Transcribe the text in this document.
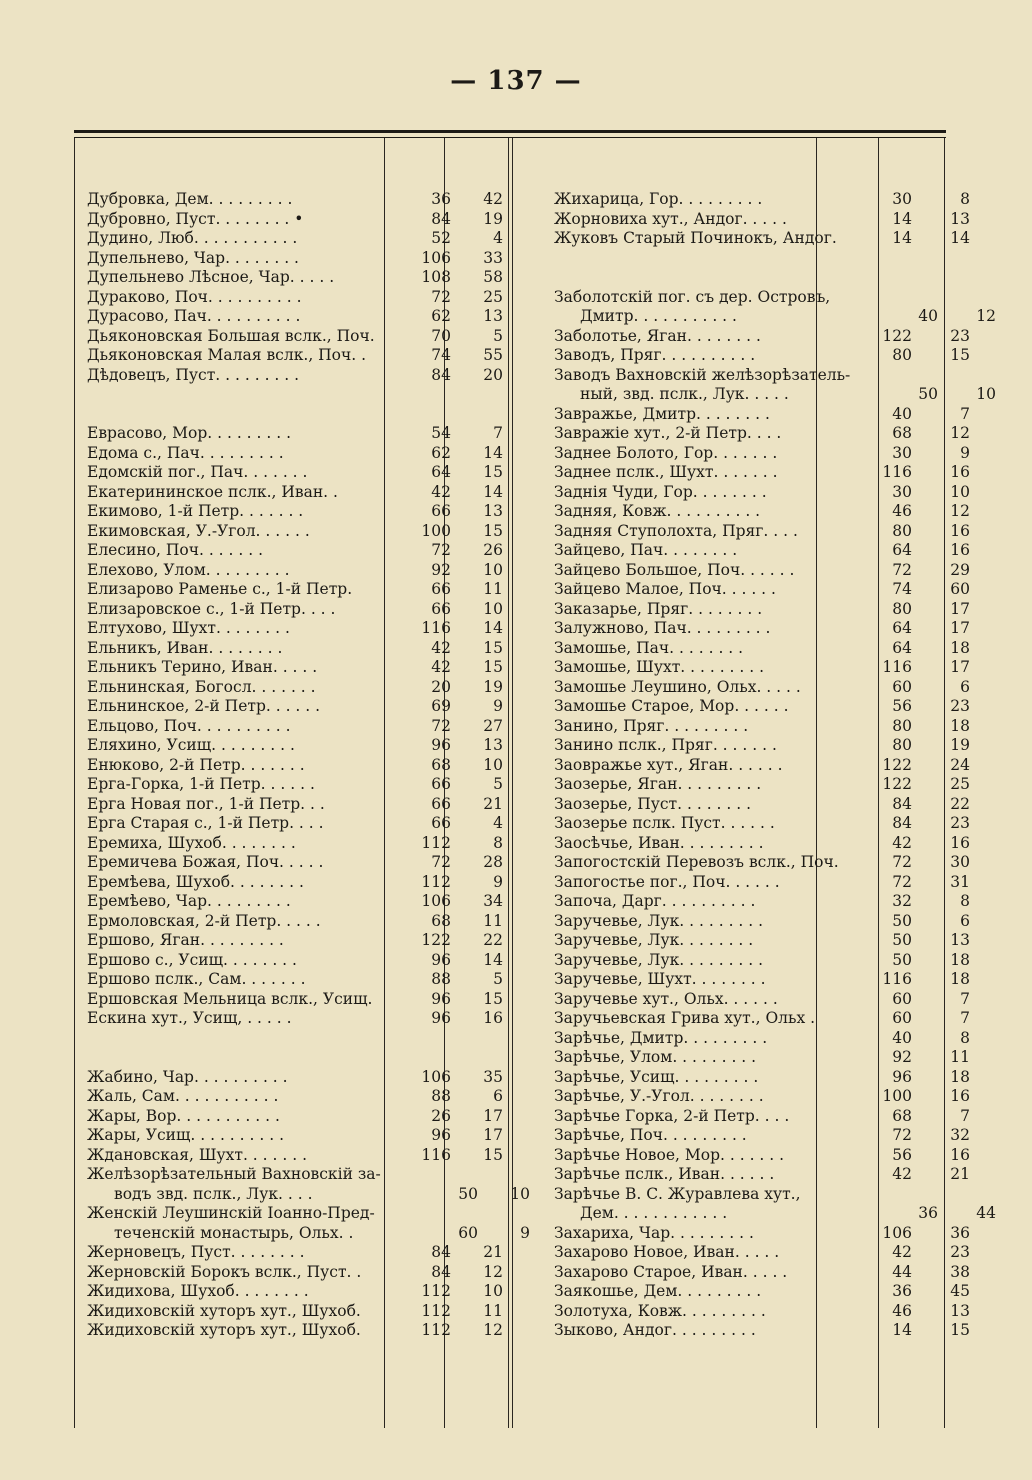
— 137 —
Дубровка, Дем. . . . . . . . .	36	42
Дубровно, Пуст. . . . . . . . •	84	19
Дудино, Люб. . . . . . . . . . .	52	4
Дупельнево, Чар. . . . . . . .	106	33
Дупельнево Лѣсное, Чар. . . . .	108	58
Дураково, Поч. . . . . . . . . .	72	25
Дурасово, Пач. . . . . . . . . .	62	13
Дьяконовская Большая вслк., Поч.	70	5
Дьяконовская Малая вслк., Поч. .	74	55
Дѣдовецъ, Пуст. . . . . . . . .	84	20
Еврасово, Мор. . . . . . . . .	54	7
Едома с., Пач. . . . . . . . .	62	14
Едомскій пог., Пач. . . . . . .	64	15
Екатерининское пслк., Иван. .	42	14
Екимово, 1-й Петр. . . . . . .	66	13
Екимовская, У.-Угол. . . . . .	100	15
Елесино, Поч. . . . . . .	72	26
Елехово, Улом. . . . . . . . .	92	10
Елизарово Раменье с., 1-й Петр.	66	11
Елизаровское с., 1-й Петр. . . .	66	10
Елтухово, Шухт. . . . . . . .	116	14
Ельникъ, Иван. . . . . . . .	42	15
Ельникъ Терино, Иван. . . . .	42	15
Ельнинская, Богосл. . . . . . .	20	19
Ельнинское, 2-й Петр. . . . . .	69	9
Ельцово, Поч. . . . . . . . . .	72	27
Еляхино, Усищ. . . . . . . . .	96	13
Енюково, 2-й Петр. . . . . . .	68	10
Ерга-Горка, 1-й Петр. . . . . .	66	5
Ерга Новая пог., 1-й Петр. . .	66	21
Ерга Старая с., 1-й Петр. . . .	66	4
Еремиха, Шухоб. . . . . . . .	112	8
Еремичева Божая, Поч. . . . .	72	28
Еремѣева, Шухоб. . . . . . . .	112	9
Еремѣево, Чар. . . . . . . . .	106	34
Ермоловская, 2-й Петр. . . . .	68	11
Ершово, Яган. . . . . . . . .	122	22
Ершово с., Усищ. . . . . . . .	96	14
Ершово пслк., Сам. . . . . . .	88	5
Ершовская Мельница вслк., Усищ.	96	15
Ескина хут., Усищ, . . . . .	96	16
Жабино, Чар. . . . . . . . . .	106	35
Жаль, Сам. . . . . . . . . . .	88	6
Жары, Вор. . . . . . . . . . .	26	17
Жары, Усищ. . . . . . . . . .	96	17
Ждановская, Шухт. . . . . . .	116	15
Желѣзорѣзательный Вахновскій за-
водъ звд. пслк., Лук. . . .	50	10
Женскій Леушинскій Іоанно-Пред-
теченскій монастырь, Ольх. .	60	9
Жерновецъ, Пуст. . . . . . . .	84	21
Жерновскій Борокъ вслк., Пуст. .	84	12
Жидихова, Шухоб. . . . . . . .	112	10
Жидиховскій хуторъ хут., Шухоб.	112	11
Жидиховскій хуторъ хут., Шухоб.	112	12
Жихарица, Гор. . . . . . . . .	30	8
Жорновиха хут., Андог. . . . .	14	13
Жуковъ Старый Починокъ, Андог.	14	14
Заболотскій пог. съ дер. Островъ,
Дмитр. . . . . . . . . . .	40	12
Заболотье, Яган. . . . . . . .	122	23
Заводъ, Пряг. . . . . . . . . .	80	15
Заводъ Вахновскій желѣзорѣзатель-
ный, звд. пслк., Лук. . . . .	50	10
Завражье, Дмитр. . . . . . . .	40	7
Завражіе хут., 2-й Петр. . . .	68	12
Заднее Болото, Гор. . . . . . .	30	9
Заднее пслк., Шухт. . . . . . .	116	16
Заднія Чуди, Гор. . . . . . . .	30	10
Задняя, Ковж. . . . . . . . . .	46	12
Задняя Ступолохта, Пряг. . . .	80	16
Зайцево, Пач. . . . . . . .	64	16
Зайцево Большое, Поч. . . . . .	72	29
Зайцево Малое, Поч. . . . . .	74	60
Заказарье, Пряг. . . . . . . .	80	17
Залужново, Пач. . . . . . . . .	64	17
Замошье, Пач. . . . . . . .	64	18
Замошье, Шухт. . . . . . . . .	116	17
Замошье Леушино, Ольх. . . . .	60	6
Замошье Старое, Мор. . . . . .	56	23
Занино, Пряг. . . . . . . . .	80	18
Занино пслк., Пряг. . . . . . .	80	19
Заовражье хут., Яган. . . . . .	122	24
Заозерье, Яган. . . . . . . . .	122	25
Заозерье, Пуст. . . . . . . .	84	22
Заозерье пслк. Пуст. . . . . .	84	23
Заосѣчье, Иван. . . . . . . . .	42	16
Запогостскій Перевозъ вслк., Поч.	72	30
Запогостье пог., Поч. . . . . .	72	31
Започа, Дарг. . . . . . . . . .	32	8
Заручевье, Лук. . . . . . . . .	50	6
Заручевье, Лук. . . . . . . .	50	13
Заручевье, Лук. . . . . . . . .	50	18
Заручевье, Шухт. . . . . . . .	116	18
Заручевье хут., Ольх. . . . . .	60	7
Заручьевская Грива хут., Ольх .	60	7
Зарѣчье, Дмитр. . . . . . . . .	40	8
Зарѣчье, Улом. . . . . . . . .	92	11
Зарѣчье, Усищ. . . . . . . . .	96	18
Зарѣчье, У.-Угол. . . . . . . .	100	16
Зарѣчье Горка, 2-й Петр. . . .	68	7
Зарѣчье, Поч. . . . . . . . .	72	32
Зарѣчье Новое, Мор. . . . . . .	56	16
Зарѣчье пслк., Иван. . . . . .	42	21
Зарѣчье В. С. Журавлева хут.,
Дем. . . . . . . . . . . .	36	44
Захариха, Чар. . . . . . . . .	106	36
Захарово Новое, Иван. . . . .	42	23
Захарово Старое, Иван. . . . .	44	38
Заякошье, Дем. . . . . . . . .	36	45
Золотуха, Ковж. . . . . . . . .	46	13
Зыково, Андог. . . . . . . . .	14	15
